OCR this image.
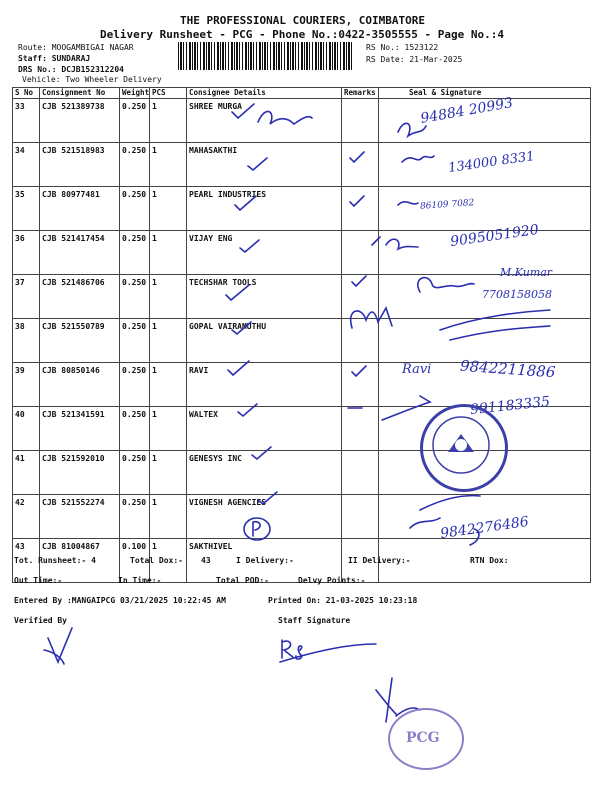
THE PROFESSIONAL COURIERS, COIMBATORE
Delivery Runsheet - PCG - Phone No.:0422-3505555 - Page No.:4
Route: MOOGAMBIGAI NAGAR
Staff: SUNDARAJ
DRS No.: DCJB152312204
Vehicle: Two Wheeler Delivery
RS No.: 1523122
RS Date: 21-Mar-2025
S No	Consignment No	Weight	PCS	Consignee Details	Remarks	Seal & Signature
33	CJB 521389738	0.250	1	SHREE MURGA		
34	CJB 521518983	0.250	1	MAHASAKTHI		
35	CJB 80977481	0.250	1	PEARL INDUSTRIES		
36	CJB 521417454	0.250	1	VIJAY ENG		
37	CJB 521486706	0.250	1	TECHSHAR TOOLS		
38	CJB 521550789	0.250	1	GOPAL VAIRAMUTHU		
39	CJB 80850146	0.250	1	RAVI		
40	CJB 521341591	0.250	1	WALTEX		
41	CJB 521592010	0.250	1	GENESYS INC		
42	CJB 521552274	0.250	1	VIGNESH AGENCIES		
43	CJB 81004867	0.100	1	SAKTHIVEL		
94884 20993
134000 8331
86109 7082
9095051920
M.Kumar
7708158058
Ravi 9842211886
991183335
9842276486
Tot. Runsheet:- 4	Total Dox:- 43	I Delivery:-	II Delivery:-	RTN Dox:
Out Time:-	In Time:-	Total POD:-	Delvy Points:-
Entered By :MANGAIPCG 03/21/2025 10:22:45 AM	Printed On: 21-03-2025 10:23:18
Verified By	Staff Signature
PCG
